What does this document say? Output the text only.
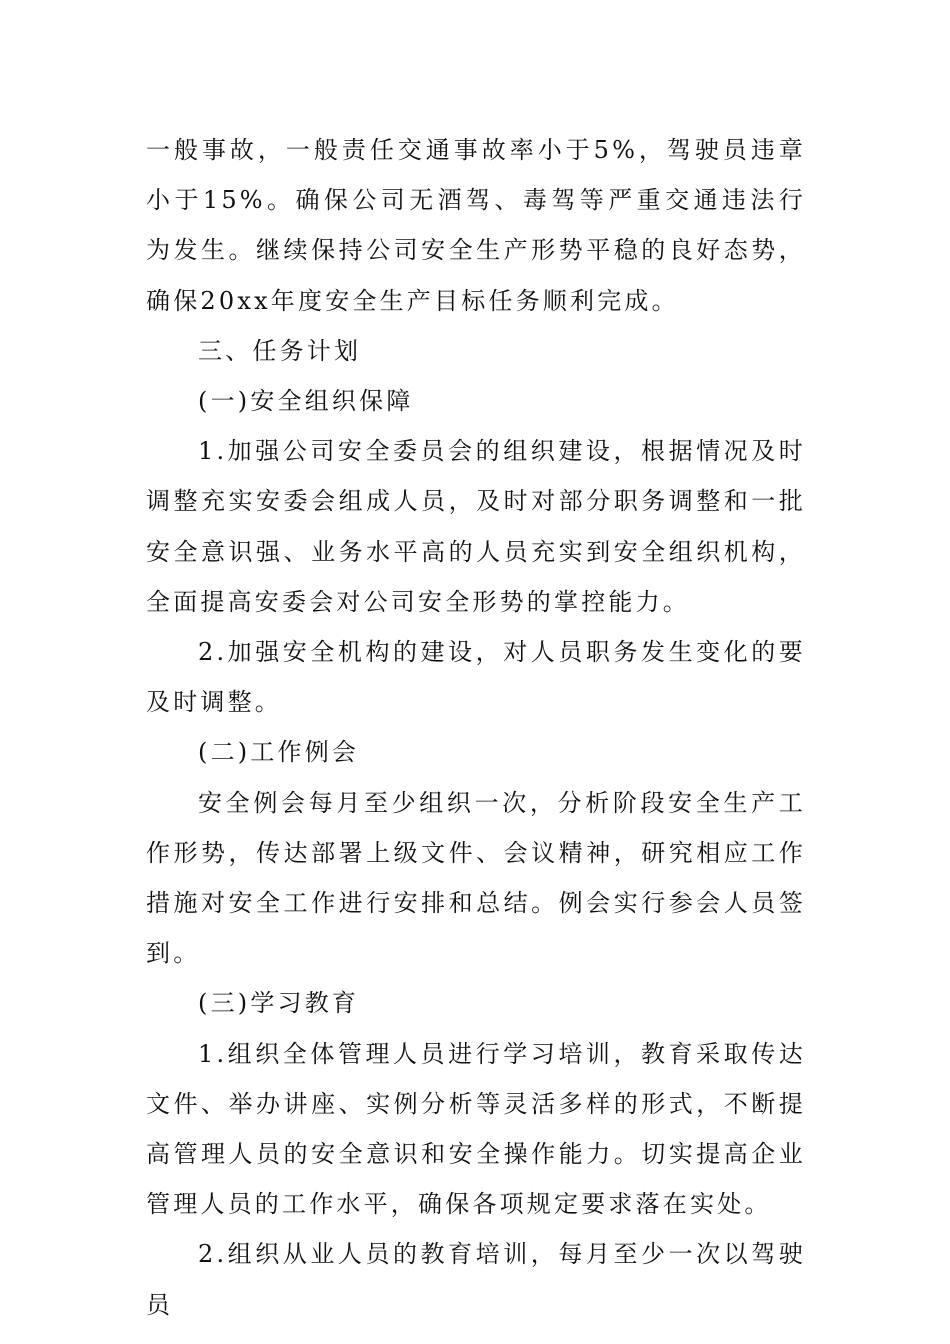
一般事故，一般责任交通事故率小于5%，驾驶员违章小于15%。确保公司无酒驾、毒驾等严重交通违法行为发生。继续保持公司安全生产形势平稳的良好态势，确保20xx年度安全生产目标任务顺利完成。

三、任务计划

(一)安全组织保障

1.加强公司安全委员会的组织建设，根据情况及时调整充实安委会组成人员，及时对部分职务调整和一批安全意识强、业务水平高的人员充实到安全组织机构，全面提高安委会对公司安全形势的掌控能力。

2.加强安全机构的建设，对人员职务发生变化的要及时调整。

(二)工作例会

安全例会每月至少组织一次，分析阶段安全生产工作形势，传达部署上级文件、会议精神，研究相应工作措施对安全工作进行安排和总结。例会实行参会人员签到。

(三)学习教育

1.组织全体管理人员进行学习培训，教育采取传达文件、举办讲座、实例分析等灵活多样的形式，不断提高管理人员的安全意识和安全操作能力。切实提高企业管理人员的工作水平，确保各项规定要求落在实处。

2.组织从业人员的教育培训，每月至少一次以驾驶员
